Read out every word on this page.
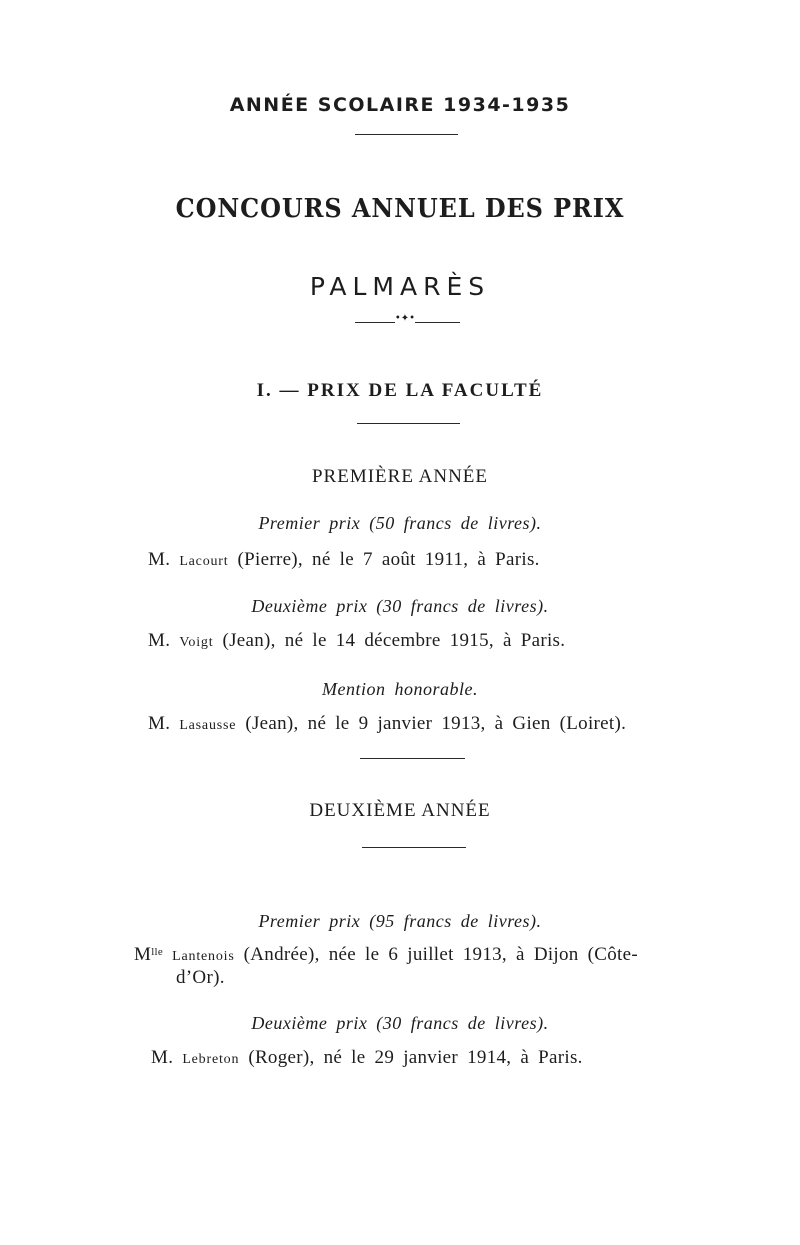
ANNÉE SCOLAIRE 1934-1935
CONCOURS ANNUEL DES PRIX
PALMARÈS
•✦•
I. — PRIX DE LA FACULTÉ
PREMIÈRE ANNÉE
Premier prix (50 francs de livres).
M. Lacourt (Pierre), né le 7 août 1911, à Paris.
Deuxième prix (30 francs de livres).
M. Voigt (Jean), né le 14 décembre 1915, à Paris.
Mention honorable.
M. Lasausse (Jean), né le 9 janvier 1913, à Gien (Loiret).
DEUXIÈME ANNÉE
Premier prix (95 francs de livres).
$M^{lle}$ Lantenois (Andrée), née le 6 juillet 1913, à Dijon (Côte-
d’Or).
Deuxième prix (30 francs de livres).
M. Lebreton (Roger), né le 29 janvier 1914, à Paris.
